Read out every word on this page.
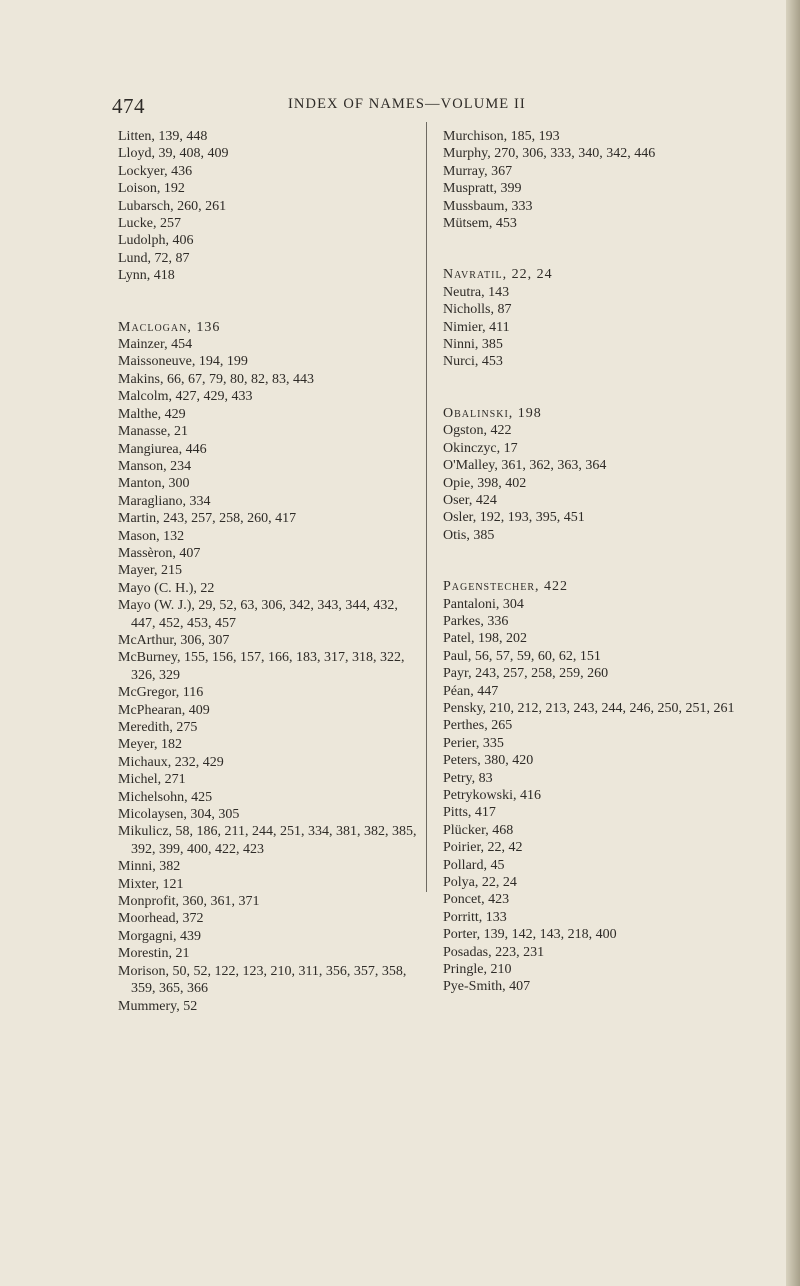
474	INDEX OF NAMES—VOLUME II
Litten, 139, 448
Lloyd, 39, 408, 409
Lockyer, 436
Loison, 192
Lubarsch, 260, 261
Lucke, 257
Ludolph, 406
Lund, 72, 87
Lynn, 418
Maclogan, 136
Mainzer, 454
Maissoneuve, 194, 199
Makins, 66, 67, 79, 80, 82, 83, 443
Malcolm, 427, 429, 433
Malthe, 429
Manasse, 21
Mangiurea, 446
Manson, 234
Manton, 300
Maragliano, 334
Martin, 243, 257, 258, 260, 417
Mason, 132
Massèron, 407
Mayer, 215
Mayo (C. H.), 22
Mayo (W. J.), 29, 52, 63, 306, 342, 343, 344, 432, 447, 452, 453, 457
McArthur, 306, 307
McBurney, 155, 156, 157, 166, 183, 317, 318, 322, 326, 329
McGregor, 116
McPhearan, 409
Meredith, 275
Meyer, 182
Michaux, 232, 429
Michel, 271
Michelsohn, 425
Micolaysen, 304, 305
Mikulicz, 58, 186, 211, 244, 251, 334, 381, 382, 385, 392, 399, 400, 422, 423
Minni, 382
Mixter, 121
Monprofit, 360, 361, 371
Moorhead, 372
Morgagni, 439
Morestin, 21
Morison, 50, 52, 122, 123, 210, 311, 356, 357, 358, 359, 365, 366
Mummery, 52
Murchison, 185, 193
Murphy, 270, 306, 333, 340, 342, 446
Murray, 367
Muspratt, 399
Mussbaum, 333
Mütsem, 453
Navratil, 22, 24
Neutra, 143
Nicholls, 87
Nimier, 411
Ninni, 385
Nurci, 453
Obalinski, 198
Ogston, 422
Okinczyc, 17
O'Malley, 361, 362, 363, 364
Opie, 398, 402
Oser, 424
Osler, 192, 193, 395, 451
Otis, 385
Pagenstecher, 422
Pantaloni, 304
Parkes, 336
Patel, 198, 202
Paul, 56, 57, 59, 60, 62, 151
Payr, 243, 257, 258, 259, 260
Péan, 447
Pensky, 210, 212, 213, 243, 244, 246, 250, 251, 261
Perthes, 265
Perier, 335
Peters, 380, 420
Petry, 83
Petrykowski, 416
Pitts, 417
Plücker, 468
Poirier, 22, 42
Pollard, 45
Polya, 22, 24
Poncet, 423
Porritt, 133
Porter, 139, 142, 143, 218, 400
Posadas, 223, 231
Pringle, 210
Pye-Smith, 407
